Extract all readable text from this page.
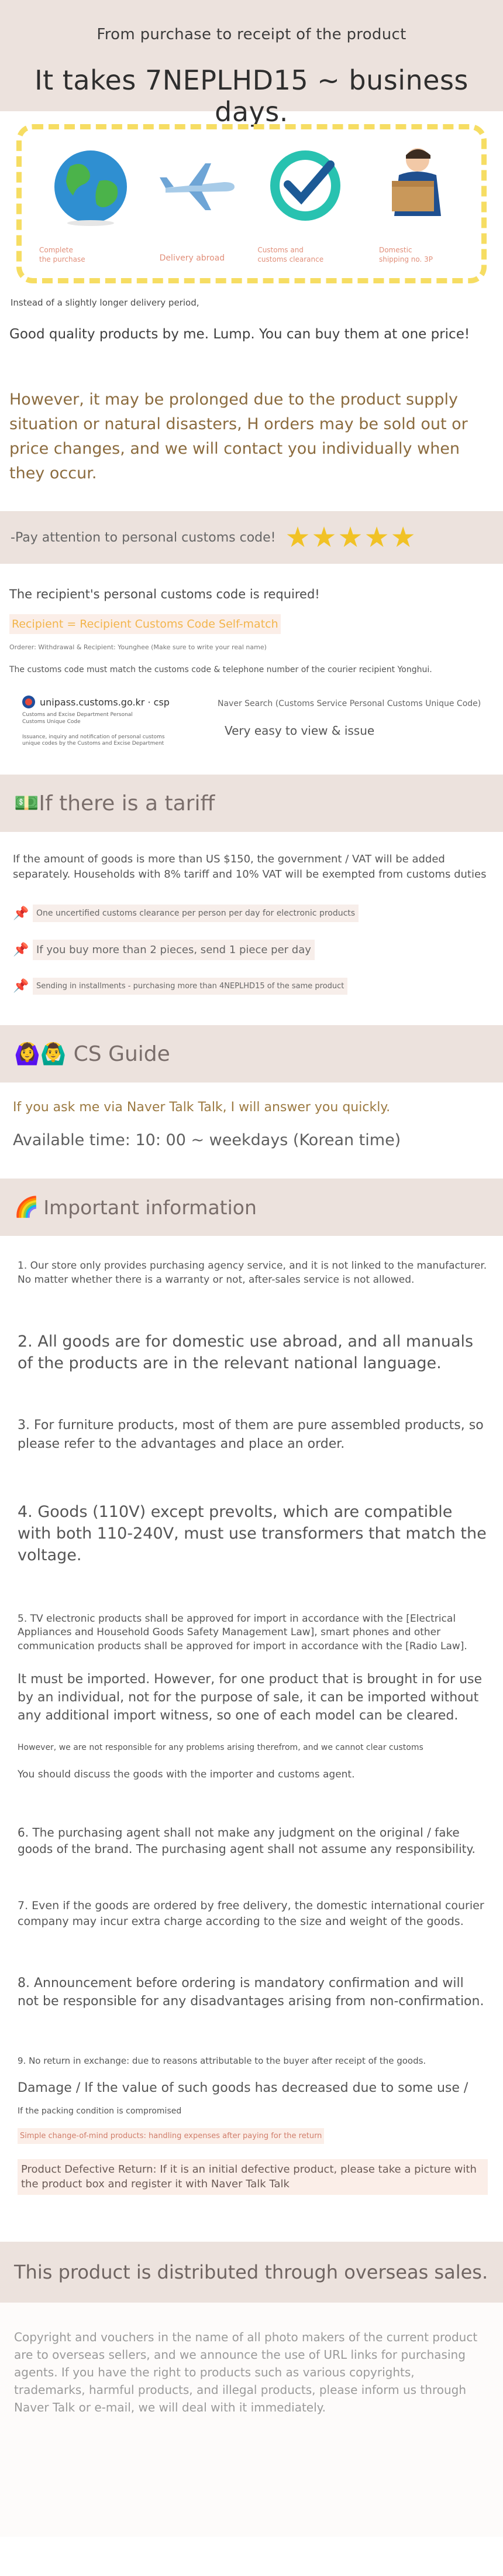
From purchase to receipt of the product
It takes 7NEPLHD15 ~ business days.
Complete the purchase	Delivery abroad
Customs and customs clearance
Domestic shipping no. 3P
Instead of a slightly longer delivery period,
Good quality products by me. Lump. You can buy them at one price!
However, it may be prolonged due to the product supply situation or natural disasters, H orders may be sold out or price changes, and we will contact you individually when they occur.
-Pay attention to personal customs code! ★★★★★
The recipient's personal customs code is required!
Recipient = Recipient Customs Code Self-match
Orderer: Withdrawal & Recipient: Younghee (Make sure to write your real name)
The customs code must match the customs code & telephone number of the courier recipient Yonghui.
unipass.customs.go.kr · csp
Customs and Excise Department Personal
Customs Unique Code
Issuance, inquiry and notification of personal customs
unique codes by the Customs and Excise Department
Naver Search (Customs Service Personal Customs Unique Code)
Very easy to view & issue
💵 If there is a tariff
If the amount of goods is more than US $150, the government / VAT will be added separately. Households with 8% tariff and 10% VAT will be exempted from customs duties
📌 One uncertified customs clearance per person per day for electronic products
📌 If you buy more than 2 pieces, send 1 piece per day
📌 Sending in installments - purchasing more than 4NEPLHD15 of the same product
🙆‍♀️🙆‍♂️ CS Guide
If you ask me via Naver Talk Talk, I will answer you quickly.
Available time: 10: 00 ~ weekdays (Korean time)
🌈 Important information
1. Our store only provides purchasing agency service, and it is not linked to the manufacturer. No matter whether there is a warranty or not, after-sales service is not allowed.
2. All goods are for domestic use abroad, and all manuals of the products are in the relevant national language.
3. For furniture products, most of them are pure assembled products, so please refer to the advantages and place an order.
4. Goods (110V) except prevolts, which are compatible with both 110-240V, must use transformers that match the voltage.
5. TV electronic products shall be approved for import in accordance with the [Electrical Appliances and Household Goods Safety Management Law], smart phones and other communication products shall be approved for import in accordance with the [Radio Law].
It must be imported. However, for one product that is brought in for use by an individual, not for the purpose of sale, it can be imported without any additional import witness, so one of each model can be cleared.
However, we are not responsible for any problems arising therefrom, and we cannot clear customs
You should discuss the goods with the importer and customs agent.
6. The purchasing agent shall not make any judgment on the original / fake goods of the brand. The purchasing agent shall not assume any responsibility.
7. Even if the goods are ordered by free delivery, the domestic international courier company may incur extra charge according to the size and weight of the goods.
8. Announcement before ordering is mandatory confirmation and will not be responsible for any disadvantages arising from non-confirmation.
9. No return in exchange: due to reasons attributable to the buyer after receipt of the goods.
Damage / If the value of such goods has decreased due to some use /
If the packing condition is compromised
Simple change-of-mind products: handling expenses after paying for the return
Product Defective Return: If it is an initial defective product, please take a picture with the product box and register it with Naver Talk Talk
This product is distributed through overseas sales.
Copyright and vouchers in the name of all photo makers of the current product are to overseas sellers, and we announce the use of URL links for purchasing agents. If you have the right to products such as various copyrights, trademarks, harmful products, and illegal products, please inform us through Naver Talk or e-mail, we will deal with it immediately.
